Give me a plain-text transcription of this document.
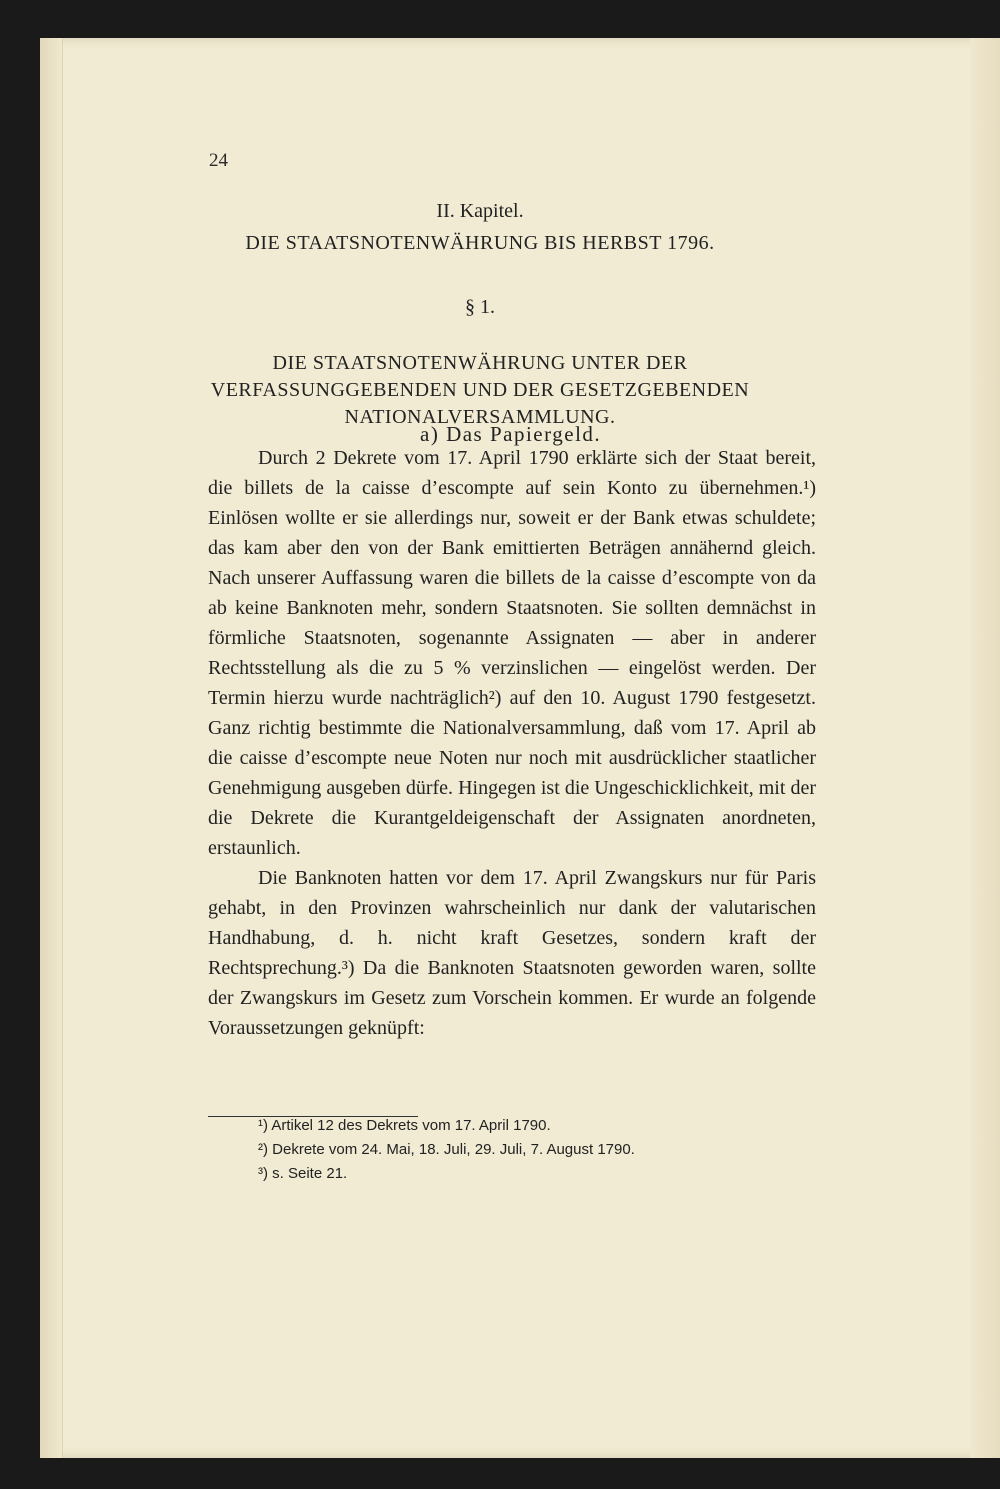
24
II. Kapitel.
DIE STAATSNOTENWÄHRUNG BIS HERBST 1796.
§ 1.
DIE STAATSNOTENWÄHRUNG UNTER DER VERFASSUNGGEBENDEN UND DER GESETZGEBENDEN NATIONALVERSAMMLUNG.
a) Das Papiergeld.

Durch 2 Dekrete vom 17. April 1790 erklärte sich der Staat bereit, die billets de la caisse d’escompte auf sein Konto zu übernehmen.¹) Einlösen wollte er sie allerdings nur, soweit er der Bank etwas schuldete; das kam aber den von der Bank emittierten Beträgen annähernd gleich. Nach unserer Auffassung waren die billets de la caisse d’escompte von da ab keine Banknoten mehr, sondern Staatsnoten. Sie sollten demnächst in förmliche Staatsnoten, sogenannte Assignaten — aber in anderer Rechtsstellung als die zu 5 % verzinslichen — eingelöst werden. Der Termin hierzu wurde nachträglich²) auf den 10. August 1790 festgesetzt. Ganz richtig bestimmte die Nationalversammlung, daß vom 17. April ab die caisse d’escompte neue Noten nur noch mit ausdrücklicher staatlicher Genehmigung ausgeben dürfe. Hingegen ist die Ungeschicklichkeit, mit der die Dekrete die Kurantgeldeigenschaft der Assignaten anordneten, erstaunlich.

Die Banknoten hatten vor dem 17. April Zwangskurs nur für Paris gehabt, in den Provinzen wahrscheinlich nur dank der valutarischen Handhabung, d. h. nicht kraft Gesetzes, sondern kraft der Rechtsprechung.³) Da die Banknoten Staatsnoten geworden waren, sollte der Zwangskurs im Gesetz zum Vorschein kommen. Er wurde an folgende Voraussetzungen geknüpft:

¹) Artikel 12 des Dekrets vom 17. April 1790.
²) Dekrete vom 24. Mai, 18. Juli, 29. Juli, 7. August 1790.
³) s. Seite 21.
